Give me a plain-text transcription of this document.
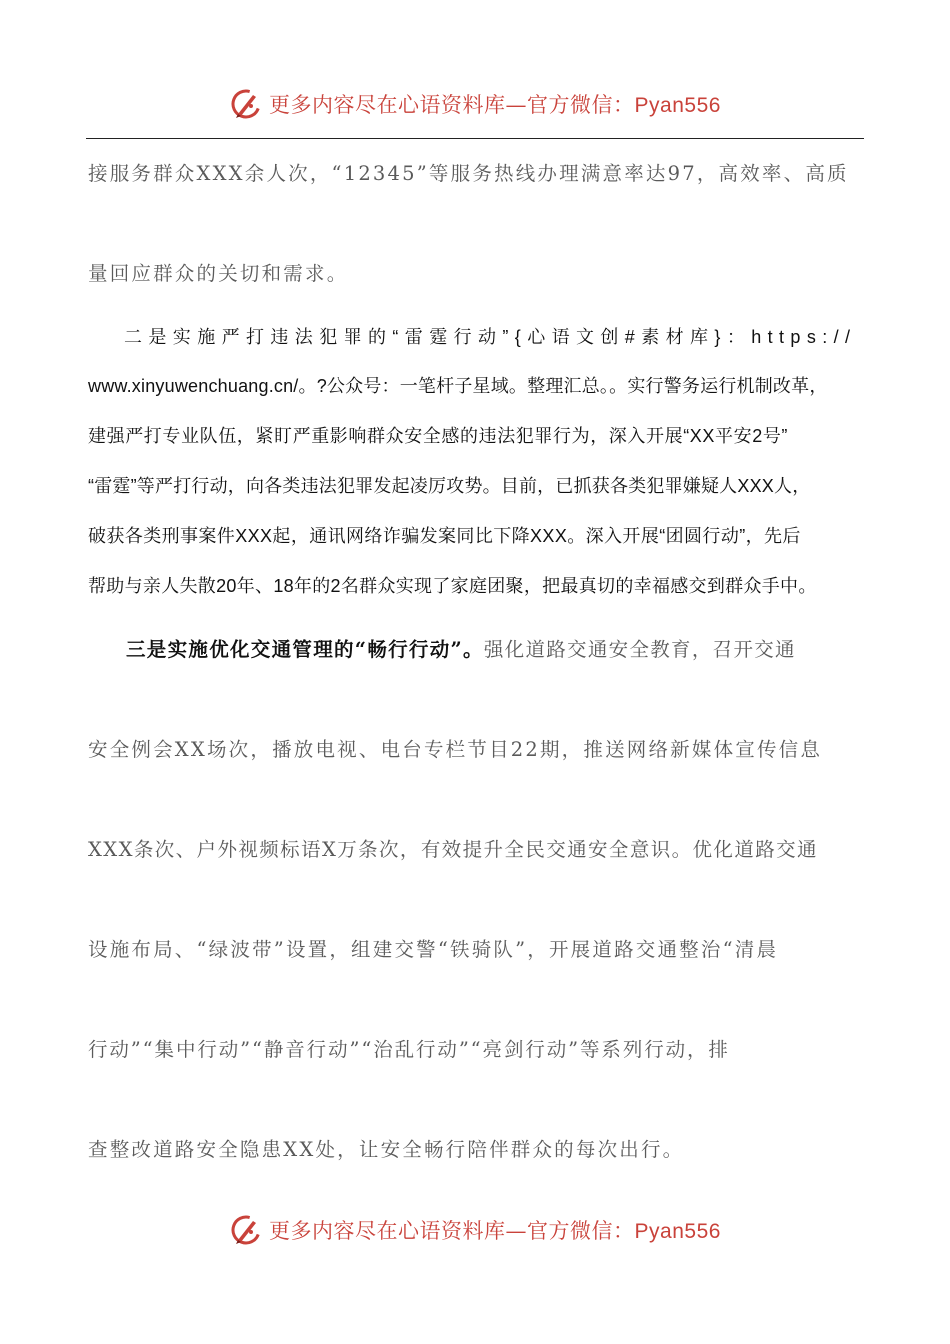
更多内容尽在心语资料库—官方微信：Pyan556
接服务群众XXX余人次，“12345”等服务热线办理满意率达97，高效率、高质
量回应群众的关切和需求。
二是实施严打违法犯罪的“雷霆行动”{心语文创#素材库}：https://
www.xinyuwenchuang.cn/。?公众号：一笔杆子星域。整理汇总。。实行警务运行机制改革，
建强严打专业队伍，紧盯严重影响群众安全感的违法犯罪行为，深入开展“XX平安2号”
“雷霆”等严打行动，向各类违法犯罪发起凌厉攻势。目前，已抓获各类犯罪嫌疑人XXX人，
破获各类刑事案件XXX起，通讯网络诈骗发案同比下降XXX。深入开展“团圆行动”，先后
帮助与亲人失散20年、18年的2名群众实现了家庭团聚，把最真切的幸福感交到群众手中。
三是实施优化交通管理的“畅行行动”。强化道路交通安全教育，召开交通
安全例会XX场次，播放电视、电台专栏节目22期，推送网络新媒体宣传信息
XXX条次、户外视频标语X万条次，有效提升全民交通安全意识。优化道路交通
设施布局、“绿波带”设置，组建交警“铁骑队”，开展道路交通整治“清晨
行动”“集中行动”“静音行动”“治乱行动”“亮剑行动”等系列行动，排
查整改道路安全隐患XX处，让安全畅行陪伴群众的每次出行。
更多内容尽在心语资料库—官方微信：Pyan556
